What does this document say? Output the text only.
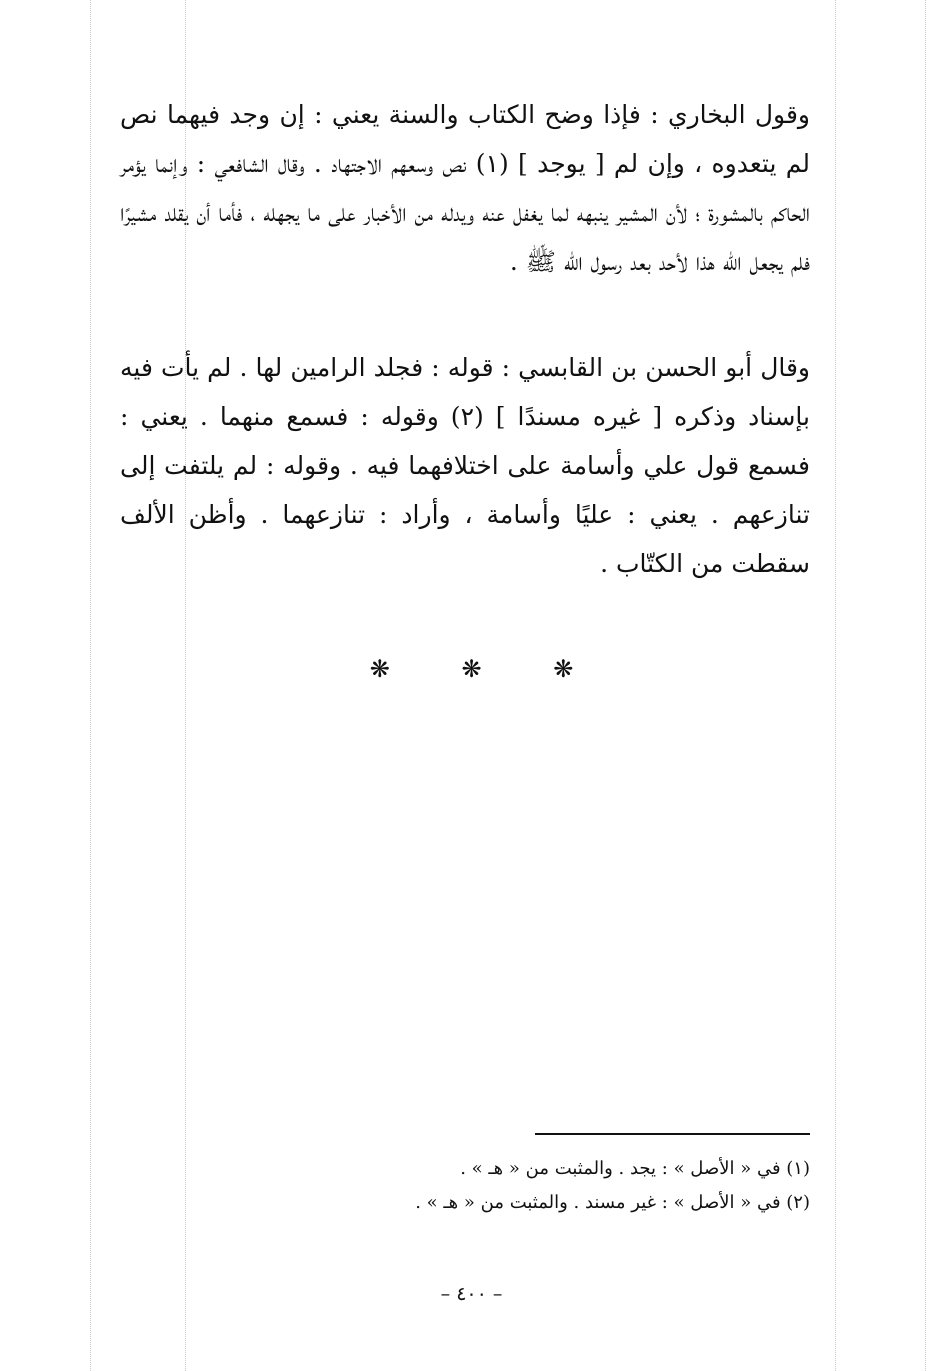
وقول البخاري : فإذا وضح الكتاب والسنة يعني : إن وجد فيهما نص لم يتعدوه ، وإن لم [ يوجد ] (١) نص وسعهم الاجتهاد . وقال الشافعي : وإنما يؤمر الحاكم بالمشورة ؛ لأن المشير ينبهه لما يغفل عنه ويدله من الأخبار على ما يجهله ، فأما أن يقلد مشيرًا فلم يجعل الله هذا لأحد بعد رسول الله ﷺ .

وقال أبو الحسن بن القابسي : قوله : فجلد الرامين لها . لم يأت فيه بإسناد وذكره [ غيره مسندًا ] (٢) وقوله : فسمع منهما . يعني : فسمع قول علي وأسامة على اختلافهما فيه . وقوله : لم يلتفت إلى تنازعهم . يعني : عليًا وأسامة ، وأراد : تنازعهما . وأظن الألف سقطت من الكتّاب .

❋	❋	❋

(١) في « الأصل » : يجد . والمثبت من « هـ » .

(٢) في « الأصل » : غير مسند . والمثبت من « هـ » .

– ٤٠٠ –
